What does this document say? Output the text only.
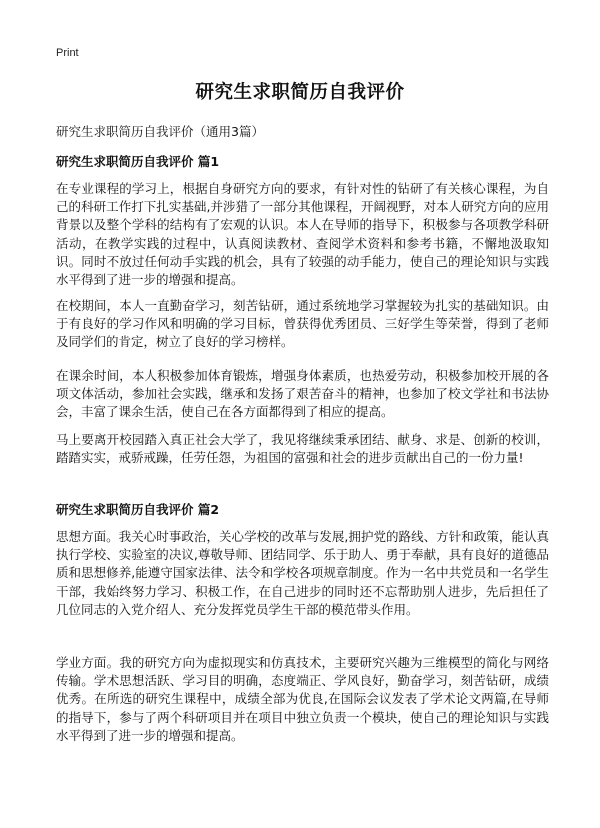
Print
研究生求职简历自我评价
研究生求职简历自我评价（通用3篇）
研究生求职简历自我评价 篇1
在专业课程的学习上，根据自身研究方向的要求，有针对性的钻研了有关核心课程，为自己的科研工作打下扎实基础,并涉猎了一部分其他课程，开阔视野，对本人研究方向的应用背景以及整个学科的结构有了宏观的认识。本人在导师的指导下，积极参与各项教学科研活动，在教学实践的过程中，认真阅读教材、查阅学术资料和参考书籍，不懈地汲取知识。同时不放过任何动手实践的机会，具有了较强的动手能力，使自己的理论知识与实践水平得到了进一步的增强和提高。
在校期间，本人一直勤奋学习，刻苦钻研，通过系统地学习掌握较为扎实的基础知识。由于有良好的学习作风和明确的学习目标，曾获得优秀团员、三好学生等荣誉，得到了老师及同学们的肯定，树立了良好的学习榜样。
在课余时间，本人积极参加体育锻炼，增强身体素质，也热爱劳动，积极参加校开展的各项文体活动，参加社会实践，继承和发扬了艰苦奋斗的精神，也参加了校文学社和书法协会，丰富了课余生活，使自己在各方面都得到了相应的提高。
马上要离开校园踏入真正社会大学了，我见将继续秉承团结、献身、求是、创新的校训，踏踏实实，戒骄戒躁，任劳任怨，为祖国的富强和社会的进步贡献出自己的一份力量!
研究生求职简历自我评价 篇2
思想方面。我关心时事政治，关心学校的改革与发展,拥护党的路线、方针和政策，能认真执行学校、实验室的决议,尊敬导师、团结同学、乐于助人、勇于奉献，具有良好的道德品质和思想修养,能遵守国家法律、法令和学校各项规章制度。作为一名中共党员和一名学生干部，我始终努力学习、积极工作，在自己进步的同时还不忘帮助别人进步，先后担任了几位同志的入党介绍人、充分发挥党员学生干部的模范带头作用。
学业方面。我的研究方向为虚拟现实和仿真技术，主要研究兴趣为三维模型的简化与网络传输。学术思想活跃、学习目的明确，态度端正、学风良好，勤奋学习，刻苦钻研，成绩优秀。在所选的研究生课程中，成绩全部为优良,在国际会议发表了学术论文两篇,在导师的指导下，参与了两个科研项目并在项目中独立负责一个模块，使自己的理论知识与实践水平得到了进一步的增强和提高。
